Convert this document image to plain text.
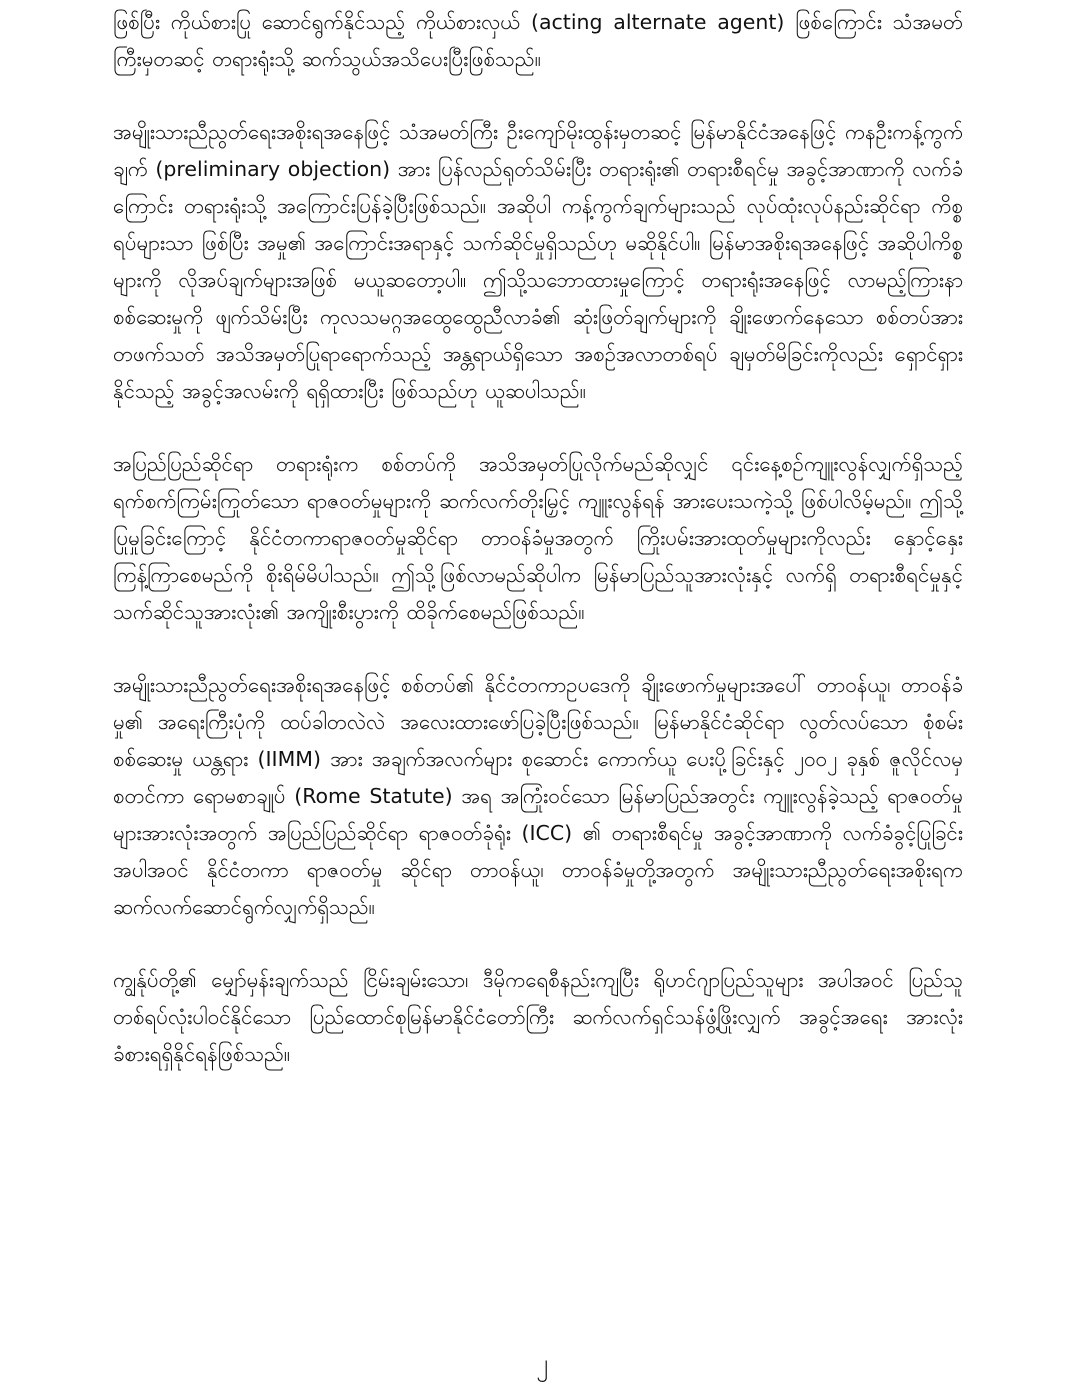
ဖြစ်ပြီး ကိုယ်စားပြု ဆောင်ရွက်နိုင်သည့် ကိုယ်စားလှယ် (acting alternate agent) ဖြစ်ကြောင်း သံအမတ်ကြီးမှတဆင့် တရားရုံးသို့ ဆက်သွယ်အသိပေးပြီးဖြစ်သည်။

အမျိုးသားညီညွတ်ရေးအစိုးရအနေဖြင့် သံအမတ်ကြီး ဦးကျော်မိုးထွန်းမှတဆင့် မြန်မာနိုင်ငံအနေဖြင့် ကနဦးကန့်ကွက်ချက် (preliminary objection) အား ပြန်လည်ရုတ်သိမ်းပြီး တရားရုံး၏ တရားစီရင်မှု အခွင့်အာဏာကို လက်ခံကြောင်း တရားရုံးသို့ အကြောင်းပြန်ခဲ့ပြီးဖြစ်သည်။ အဆိုပါ ကန့်ကွက်ချက်များသည် လုပ်ထုံးလုပ်နည်းဆိုင်ရာ ကိစ္စရပ်များသာ ဖြစ်ပြီး အမှု၏ အကြောင်းအရာနှင့် သက်ဆိုင်မှုရှိသည်ဟု မဆိုနိုင်ပါ။ မြန်မာအစိုးရအနေဖြင့် အဆိုပါကိစ္စများကို လိုအပ်ချက်များအဖြစ် မယူဆတော့ပါ။ ဤသို့သဘောထားမှုကြောင့် တရားရုံးအနေဖြင့် လာမည့်ကြားနာစစ်ဆေးမှုကို ဖျက်သိမ်းပြီး ကုလသမဂ္ဂအထွေထွေညီလာခံ၏ ဆုံးဖြတ်ချက်များကို ချိုးဖောက်နေသော စစ်တပ်အား တဖက်သတ် အသိအမှတ်ပြုရာရောက်သည့် အန္တရာယ်ရှိသော အစဉ်အလာတစ်ရပ် ချမှတ်မိခြင်းကိုလည်း ရှောင်ရှားနိုင်သည့် အခွင့်အလမ်းကို ရရှိထားပြီး ဖြစ်သည်ဟု ယူဆပါသည်။

အပြည်ပြည်ဆိုင်ရာ တရားရုံးက စစ်တပ်ကို အသိအမှတ်ပြုလိုက်မည်ဆိုလျှင် ၎င်းနေ့စဉ်ကျူးလွန်လျှက်ရှိသည့် ရက်စက်ကြမ်းကြုတ်သော ရာဇဝတ်မှုများကို ဆက်လက်တိုးမြှင့် ကျူးလွန်ရန် အားပေးသကဲ့သို့ ဖြစ်ပါလိမ့်မည်။ ဤသို့ပြုမှုခြင်းကြောင့် နိုင်ငံတကာရာဇဝတ်မှုဆိုင်ရာ တာဝန်ခံမှုအတွက် ကြိုးပမ်းအားထုတ်မှုများကိုလည်း နှောင့်နှေးကြန့်ကြာစေမည်ကို စိုးရိမ်မိပါသည်။ ဤသို့ဖြစ်လာမည်ဆိုပါက မြန်မာပြည်သူအားလုံးနှင့် လက်ရှိ တရားစီရင်မှုနှင့် သက်ဆိုင်သူအားလုံး၏ အကျိုးစီးပွားကို ထိခိုက်စေမည်ဖြစ်သည်။

အမျိုးသားညီညွတ်ရေးအစိုးရအနေဖြင့် စစ်တပ်၏ နိုင်ငံတကာဥပဒေကို ချိုးဖောက်မှုများအပေါ် တာဝန်ယူ၊ တာဝန်ခံမှု၏ အရေးကြီးပုံကို ထပ်ခါတလဲလဲ အလေးထားဖော်ပြခဲ့ပြီးဖြစ်သည်။ မြန်မာနိုင်ငံဆိုင်ရာ လွတ်လပ်သော စုံစမ်းစစ်ဆေးမှု ယန္တရား (IIMM) အား အချက်အလက်များ စုဆောင်း ကောက်ယူ ပေးပို့ခြင်းနှင့် ၂၀၀၂ ခုနှစ် ဇူလိုင်လမှ စတင်ကာ ရောမစာချုပ် (Rome Statute) အရ အကြုံးဝင်သော မြန်မာပြည်အတွင်း ကျူးလွန်ခဲ့သည့် ရာဇဝတ်မှုများအားလုံးအတွက် အပြည်ပြည်ဆိုင်ရာ ရာဇဝတ်ခုံရုံး (ICC) ၏ တရားစီရင်မှု အခွင့်အာဏာကို လက်ခံခွင့်ပြုခြင်း အပါအဝင် နိုင်ငံတကာ ရာဇဝတ်မှု ဆိုင်ရာ တာဝန်ယူ၊ တာဝန်ခံမှုတို့အတွက် အမျိုးသားညီညွတ်ရေးအစိုးရက ဆက်လက်ဆောင်ရွက်လျှက်ရှိသည်။

ကျွန်ုပ်တို့၏ မျှော်မှန်းချက်သည် ငြိမ်းချမ်းသော၊ ဒီမိုကရေစီနည်းကျပြီး ရိုဟင်ဂျာပြည်သူများ အပါအဝင် ပြည်သူတစ်ရပ်လုံးပါဝင်နိုင်သော ပြည်ထောင်စုမြန်မာနိုင်ငံတော်ကြီး ဆက်လက်ရှင်သန်ဖွံ့ဖြိုးလျှက် အခွင့်အရေး အားလုံး ခံစားရရှိနိုင်ရန်ဖြစ်သည်။

၂
